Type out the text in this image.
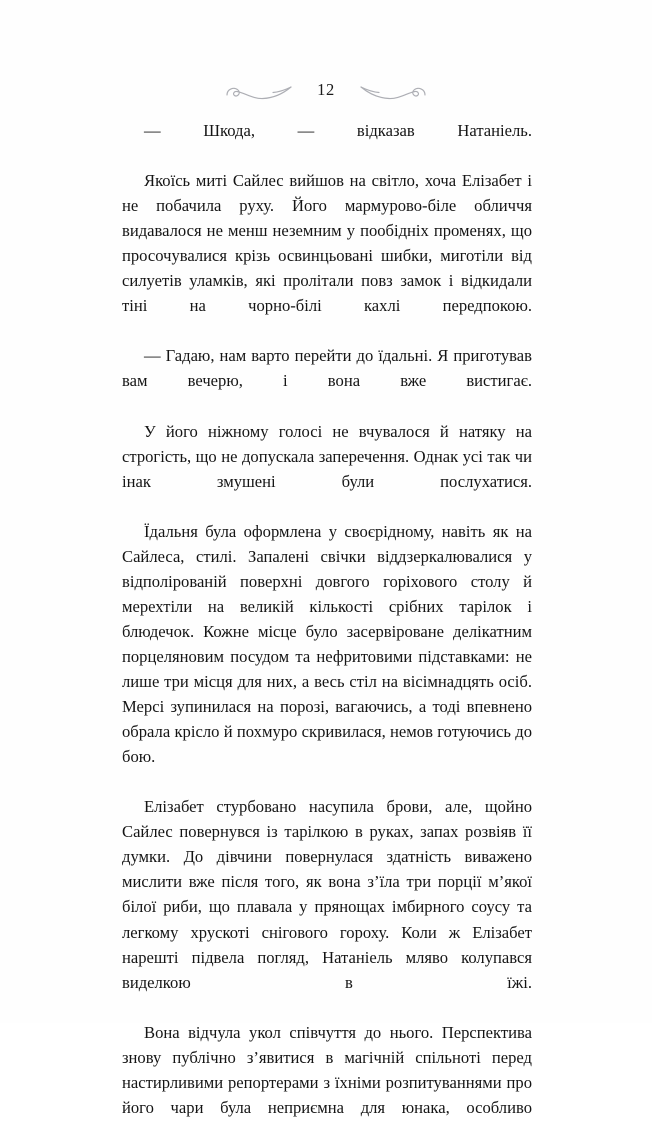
12

— Шкода, — відказав Натаніель.

Якоїсь миті Сайлес вийшов на світло, хоча Елізабет і не побачила руху. Його мармурово-біле обличчя видавалося не менш неземним у пообідніх променях, що просочувалися крізь освинцьовані шибки, миготіли від силуетів уламків, які пролітали повз замок і відкидали тіні на чорно-білі кахлі передпокою.

— Гадаю, нам варто перейти до їдальні. Я приготував вам вечерю, і вона вже вистигає.

У його ніжному голосі не вчувалося й натяку на строгість, що не допускала заперечення. Однак усі так чи інак змушені були послухатися.

Їдальня була оформлена у своєрідному, навіть як на Сайлеса, стилі. Запалені свічки віддзеркалювалися у відполірованій поверхні довгого горіхового столу й мерехтіли на великій кількості срібних тарілок і блюдечок. Кожне місце було засервіроване делікатним порцеляновим посудом та нефритовими підставками: не лише три місця для них, а весь стіл на вісімнадцять осіб. Мерсі зупинилася на порозі, вагаючись, а тоді впевнено обрала крісло й похмуро скривилася, немов готуючись до бою.

Елізабет стурбовано насупила брови, але, щойно Сайлес повернувся із тарілкою в руках, запах розвіяв її думки. До дівчини повернулася здатність виважено мислити вже після того, як вона з’їла три порції м’якої білої риби, що плавала у прянощах імбирного соусу та легкому хрускоті снігового гороху. Коли ж Елізабет нарешті підвела погляд, Натаніель мляво колупався виделкою в їжі.

Вона відчула укол співчуття до нього. Перспектива знову публічно з’явитися в магічній спільноті перед настирливими репортерами з їхніми розпитуваннями про його чари була неприємна для юнака, особливо
